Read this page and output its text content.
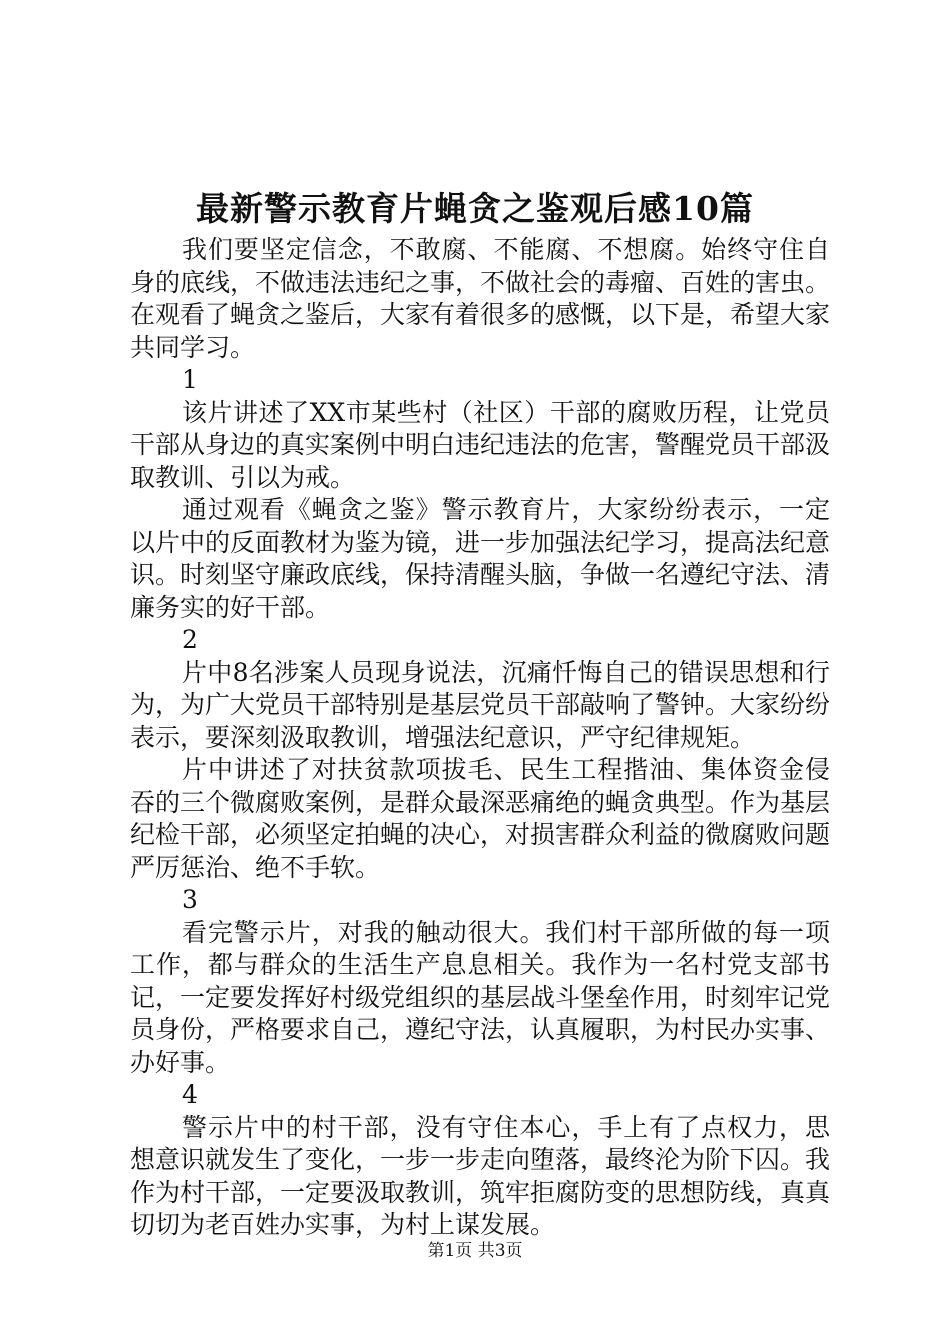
最新警示教育片蝇贪之鉴观后感10篇

我们要坚定信念，不敢腐、不能腐、不想腐。始终守住自身的底线，不做违法违纪之事，不做社会的毒瘤、百姓的害虫。在观看了蝇贪之鉴后，大家有着很多的感慨，以下是，希望大家共同学习。

1

该片讲述了XX市某些村（社区）干部的腐败历程，让党员干部从身边的真实案例中明白违纪违法的危害，警醒党员干部汲取教训、引以为戒。

通过观看《蝇贪之鉴》警示教育片，大家纷纷表示，一定以片中的反面教材为鉴为镜，进一步加强法纪学习，提高法纪意识。时刻坚守廉政底线，保持清醒头脑，争做一名遵纪守法、清廉务实的好干部。

2

片中8名涉案人员现身说法，沉痛忏悔自己的错误思想和行为，为广大党员干部特别是基层党员干部敲响了警钟。大家纷纷表示，要深刻汲取教训，增强法纪意识，严守纪律规矩。

片中讲述了对扶贫款项拔毛、民生工程揩油、集体资金侵吞的三个微腐败案例，是群众最深恶痛绝的蝇贪典型。作为基层纪检干部，必须坚定拍蝇的决心，对损害群众利益的微腐败问题严厉惩治、绝不手软。

3

看完警示片，对我的触动很大。我们村干部所做的每一项工作，都与群众的生活生产息息相关。我作为一名村党支部书记，一定要发挥好村级党组织的基层战斗堡垒作用，时刻牢记党员身份，严格要求自己，遵纪守法，认真履职，为村民办实事、办好事。

4

警示片中的村干部，没有守住本心，手上有了点权力，思想意识就发生了变化，一步一步走向堕落，最终沦为阶下囚。我作为村干部，一定要汲取教训，筑牢拒腐防变的思想防线，真真切切为老百姓办实事，为村上谋发展。

第1页 共3页
